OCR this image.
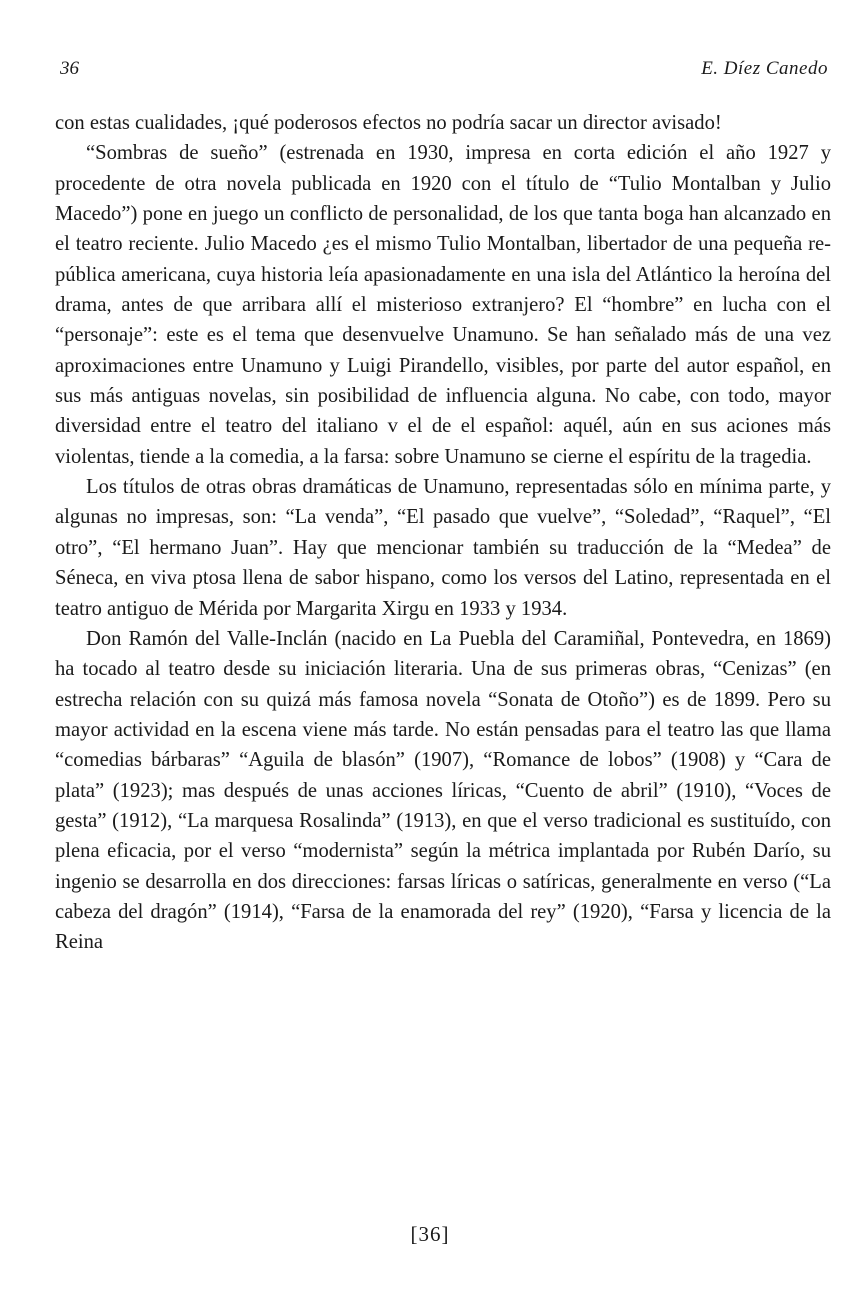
36	E. Díez Canedo

con estas cualidades, ¡qué poderosos efectos no podría sacar un director avisado!

“Sombras de sueño” (estrenada en 1930, impresa en corta edición el año 1927 y procedente de otra novela publicada en 1920 con el título de “Tulio Montalban y Julio Macedo”) pone en juego un conflicto de personalidad, de los que tanta boga han alcanzado en el teatro reciente. Julio Macedo ¿es el mismo Tulio Montalban, libertador de una pequeña república americana, cuya historia leía apasionadamente en una isla del Atlántico la heroína del drama, antes de que arribara allí el misterioso extranjero? El “hombre” en lucha con el “personaje”: este es el tema que desenvuelve Unamuno. Se han señalado más de una vez aproximaciones entre Unamuno y Luigi Pirandello, visibles, por parte del autor español, en sus más antiguas novelas, sin posibilidad de influencia alguna. No cabe, con todo, mayor diversidad entre el teatro del italiano v el de el español: aquél, aún en sus aciones más violentas, tiende a la comedia, a la farsa: sobre Unamuno se cierne el espíritu de la tragedia.

Los títulos de otras obras dramáticas de Unamuno, representadas sólo en mínima parte, y algunas no impresas, son: “La venda”, “El pasado que vuelve”, “Soledad”, “Raquel”, “El otro”, “El hermano Juan”. Hay que mencionar también su traducción de la “Medea” de Séneca, en viva ptosa llena de sabor hispano, como los versos del Latino, representada en el teatro antiguo de Mérida por Margarita Xirgu en 1933 y 1934.

Don Ramón del Valle-Inclán (nacido en La Puebla del Caramiñal, Pontevedra, en 1869) ha tocado al teatro desde su iniciación literaria. Una de sus primeras obras, “Cenizas” (en estrecha relación con su quizá más famosa novela “Sonata de Otoño”) es de 1899. Pero su mayor actividad en la escena viene más tarde. No están pensadas para el teatro las que llama “comedias bárbaras” “Aguila de blasón” (1907), “Romance de lobos” (1908) y “Cara de plata” (1923); mas después de unas acciones líricas, “Cuento de abril” (1910), “Voces de gesta” (1912), “La marquesa Rosalinda” (1913), en que el verso tradicional es sustituído, con plena eficacia, por el verso “modernista” según la métrica implantada por Rubén Darío, su ingenio se desarrolla en dos direcciones: farsas líricas o satíricas, generalmente en verso (“La cabeza del dragón” (1914), “Farsa de la enamorada del rey” (1920), “Farsa y licencia de la Reina

[36]
